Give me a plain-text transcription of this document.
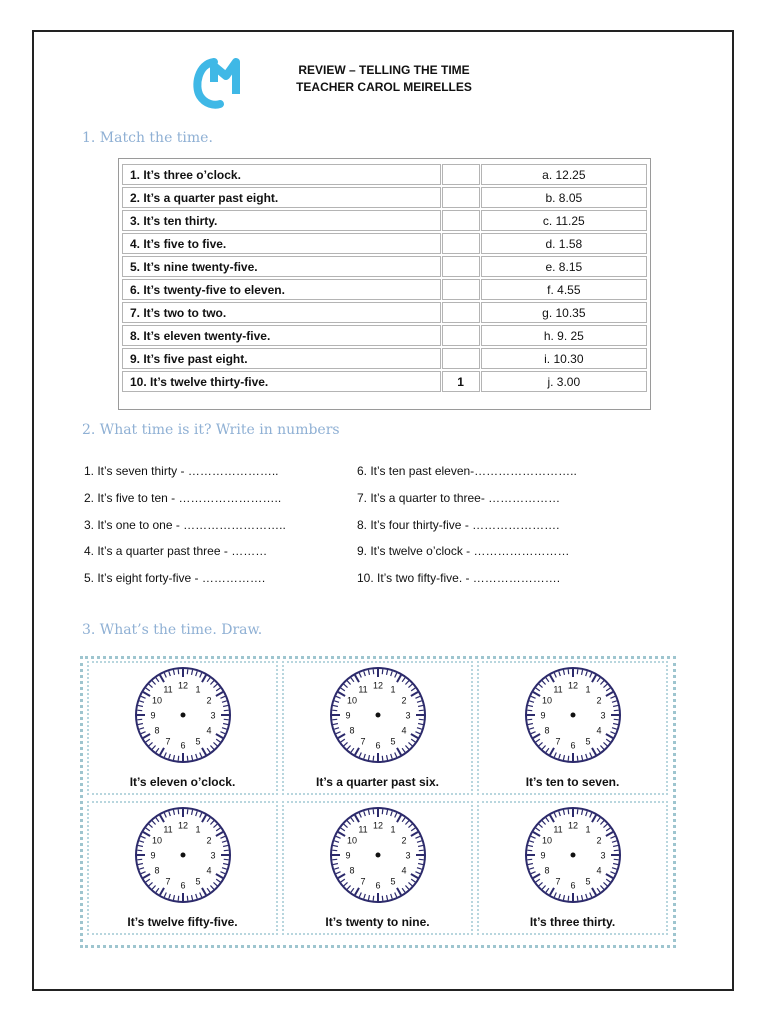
REVIEW – TELLING THE TIME
TEACHER CAROL MEIRELLES
1. Match the time.
1. It’s three o’clock.		a. 12.25
2. It’s a quarter past eight.		b. 8.05
3. It’s ten thirty.		c. 11.25
4. It’s five to five.		d. 1.58
5. It’s nine twenty-five.		e. 8.15
6. It’s twenty-five to eleven.		f. 4.55
7. It’s two to two.		g. 10.35
8. It’s eleven twenty-five.		h. 9. 25
9. It’s five past eight.		i. 10.30
10. It’s twelve thirty-five.	1	j. 3.00
2. What time is it? Write in numbers
1. It’s seven thirty - …………………..
2. It’s five to ten - ……………………..
3. It’s one to one - ……………………..
4. It’s a quarter past three - ………
5. It’s eight forty-five - …………….
6. It’s ten past eleven-……………………..
7. It’s a quarter to three- ………………
8. It’s four thirty-five - ………………….
9. It’s twelve o’clock - ……………………
10. It’s two fifty-five. - ………………….
3. What’s the time. Draw.
12 1
2
3
4
5
6
7
8
9
10
11
It’s eleven o’clock.
12 1
2
3
4
5
6
7
8
9
10
11
It’s a quarter past six.
12 1
2
3
4
5
6
7
8
9
10
11
It’s ten to seven.
12 1
2
3
4
5
6
7
8
9
10
11
It’s twelve fifty-five.
12 1
2
3
4
5
6
7
8
9
10
11
It’s twenty to nine.
12 1
2
3
4
5
6
7
8
9
10
11
It’s three thirty.
